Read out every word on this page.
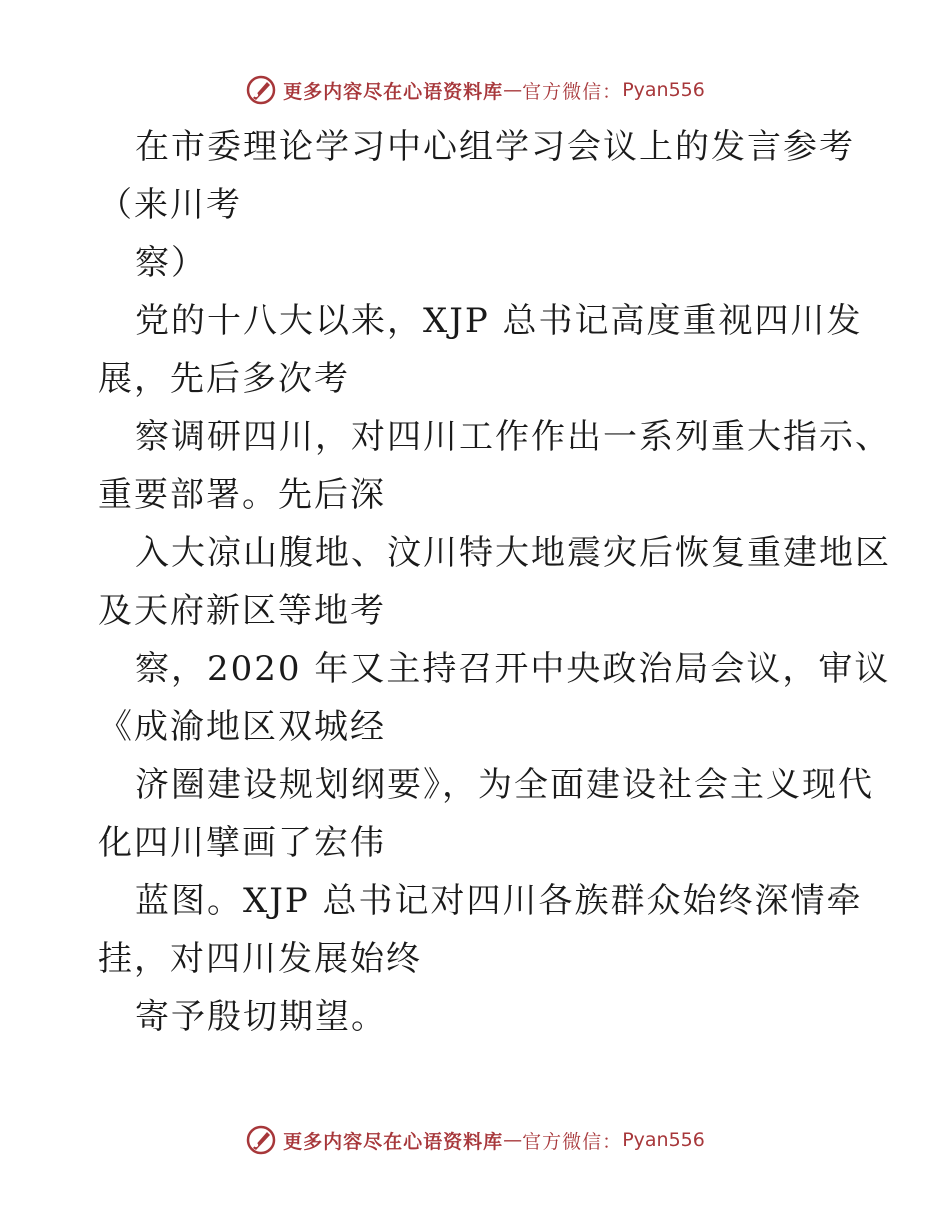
更多内容尽在心语资料库 — 官方微信： Pyan556
在市委理论学习中心组学习会议上的发言参考
（来川考
察）
党的十八大以来，XJP 总书记高度重视四川发
展，先后多次考
察调研四川，对四川工作作出一系列重大指示、
重要部署。先后深
入大凉山腹地、汶川特大地震灾后恢复重建地区
及天府新区等地考
察，2020 年又主持召开中央政治局会议，审议
《成渝地区双城经
济圈建设规划纲要》，为全面建设社会主义现代
化四川擘画了宏伟
蓝图。XJP 总书记对四川各族群众始终深情牵
挂，对四川发展始终
寄予殷切期望。
更多内容尽在心语资料库 — 官方微信： Pyan556
